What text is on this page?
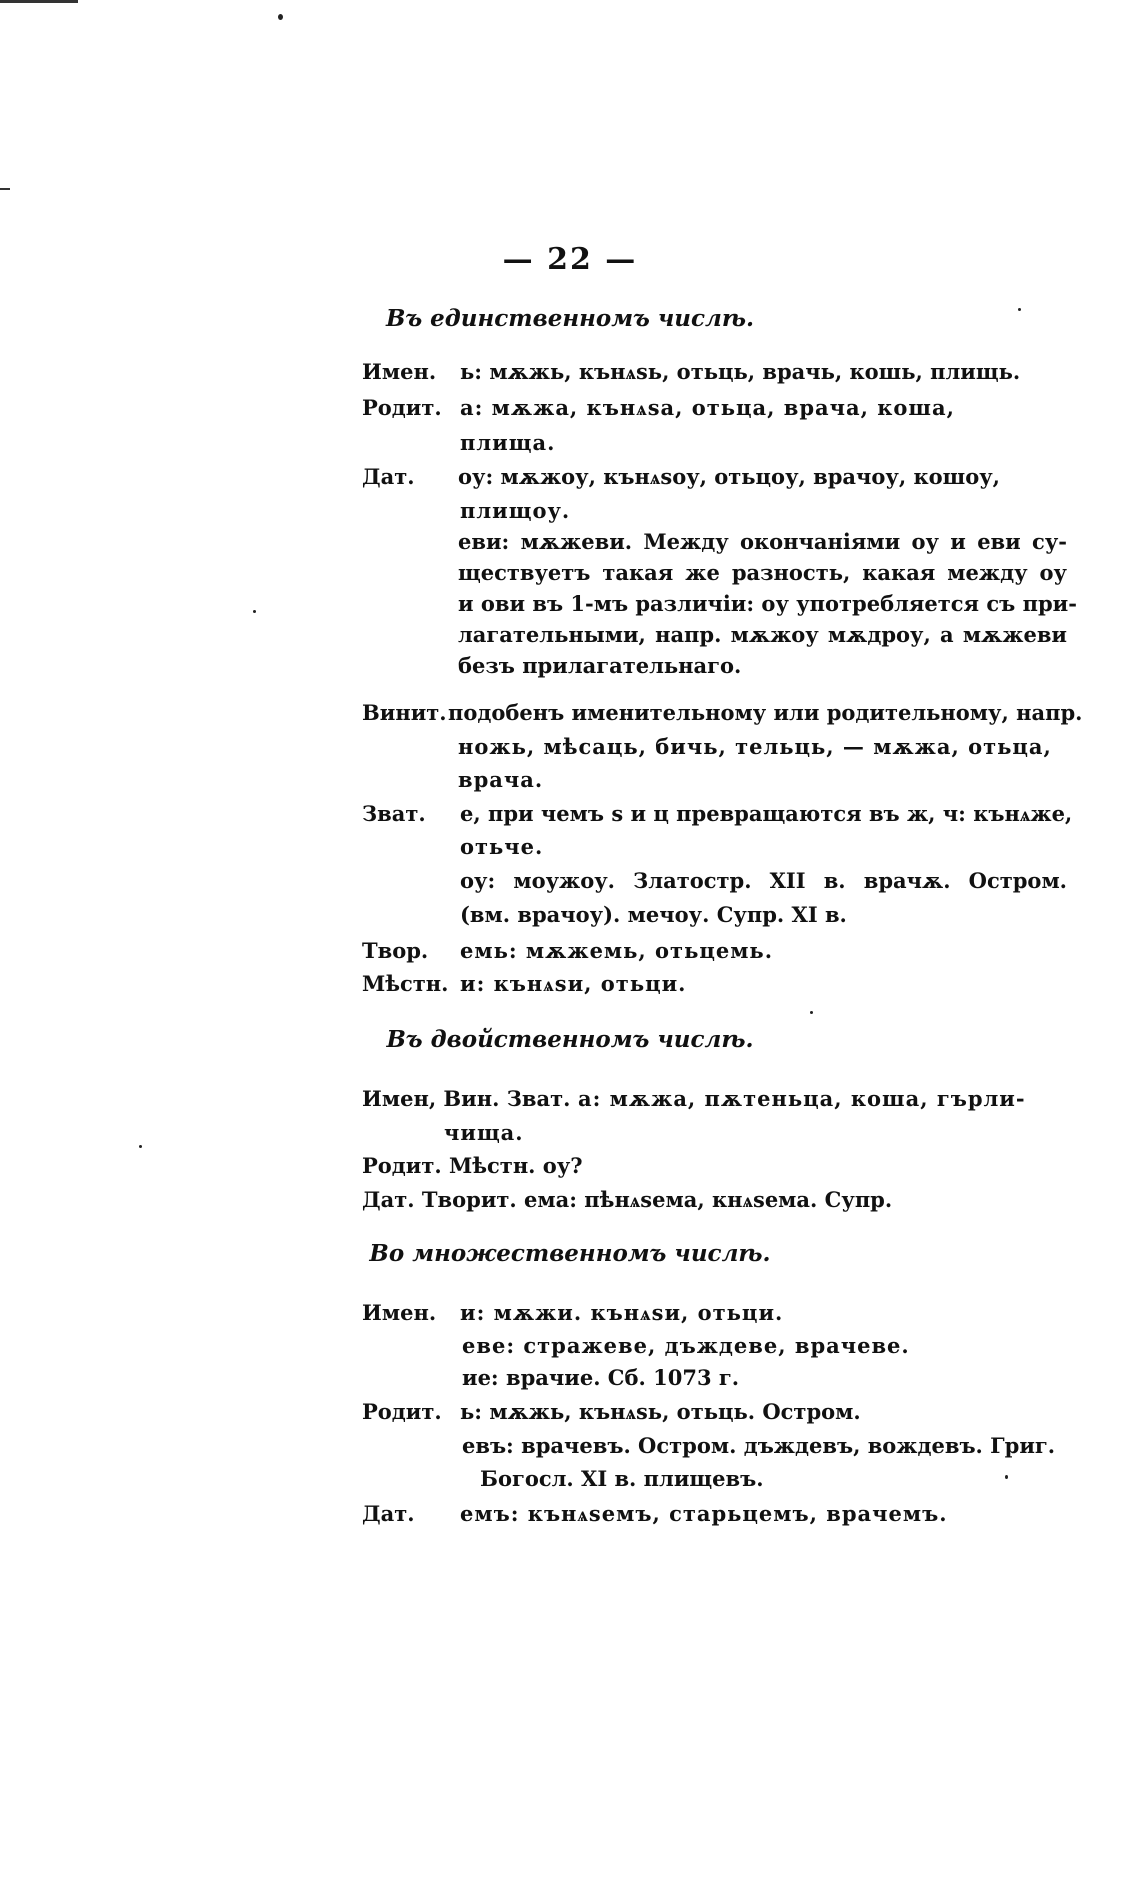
— 22 —
Въ единственномъ числѣ.
Имен. ь: мѫжь, кънѧѕь, отьць, врачь, кошь, плищь.
Родит. а: мѫжа, кънѧѕа, отьца, врача, коша,
плища.
Дат. оу: мѫжоу, кънѧѕоу, отьцоу, врачоу, кошоу,
плищоу.
еви: мѫжеви. Между окончанiями оу и еви су-
ществуетъ такая же разность, какая между оу
и ови въ 1-мъ различiи: оу употребляется съ при-
лагательными, напр. мѫжоу мѫдроу, а мѫжеви
безъ прилагательнаго.
Винит. подобенъ именительному или родительному, напр.
ножь, мѣсаць, бичь, тельць, — мѫжа, отьца,
врача.
Зват. е, при чемъ ѕ и ц превращаются въ ж, ч: кънѧже,
отьче.
оу: моужоу. Златостр. XII в. врачѫ. Остром.
(вм. врачоу). мечоу. Супр. XI в.
Твор. емь: мѫжемь, отьцемь.
Мѣстн. и: кънѧѕи, отьци.
Въ двойственномъ числѣ.
Имен, Вин. Зват. а: мѫжа, пѫтеньца, коша, гърли-
чища.
Родит. Мѣстн. оу?
Дат. Творит. ема: пѣнѧѕема, кнѧѕема. Супр.
Во множественномъ числѣ.
Имен. и: мѫжи. кънѧѕи, отьци.
еве: стражеве, дъждеве, врачеве.
ие: врачие. Сб. 1073 г.
Родит. ь: мѫжь, кънѧѕь, отьць. Остром.
евъ: врачевъ. Остром. дъждевъ, вождевъ. Григ.
Богосл. XI в. плищевъ.
Дат. емъ: кънѧѕемъ, старьцемъ, врачемъ.
